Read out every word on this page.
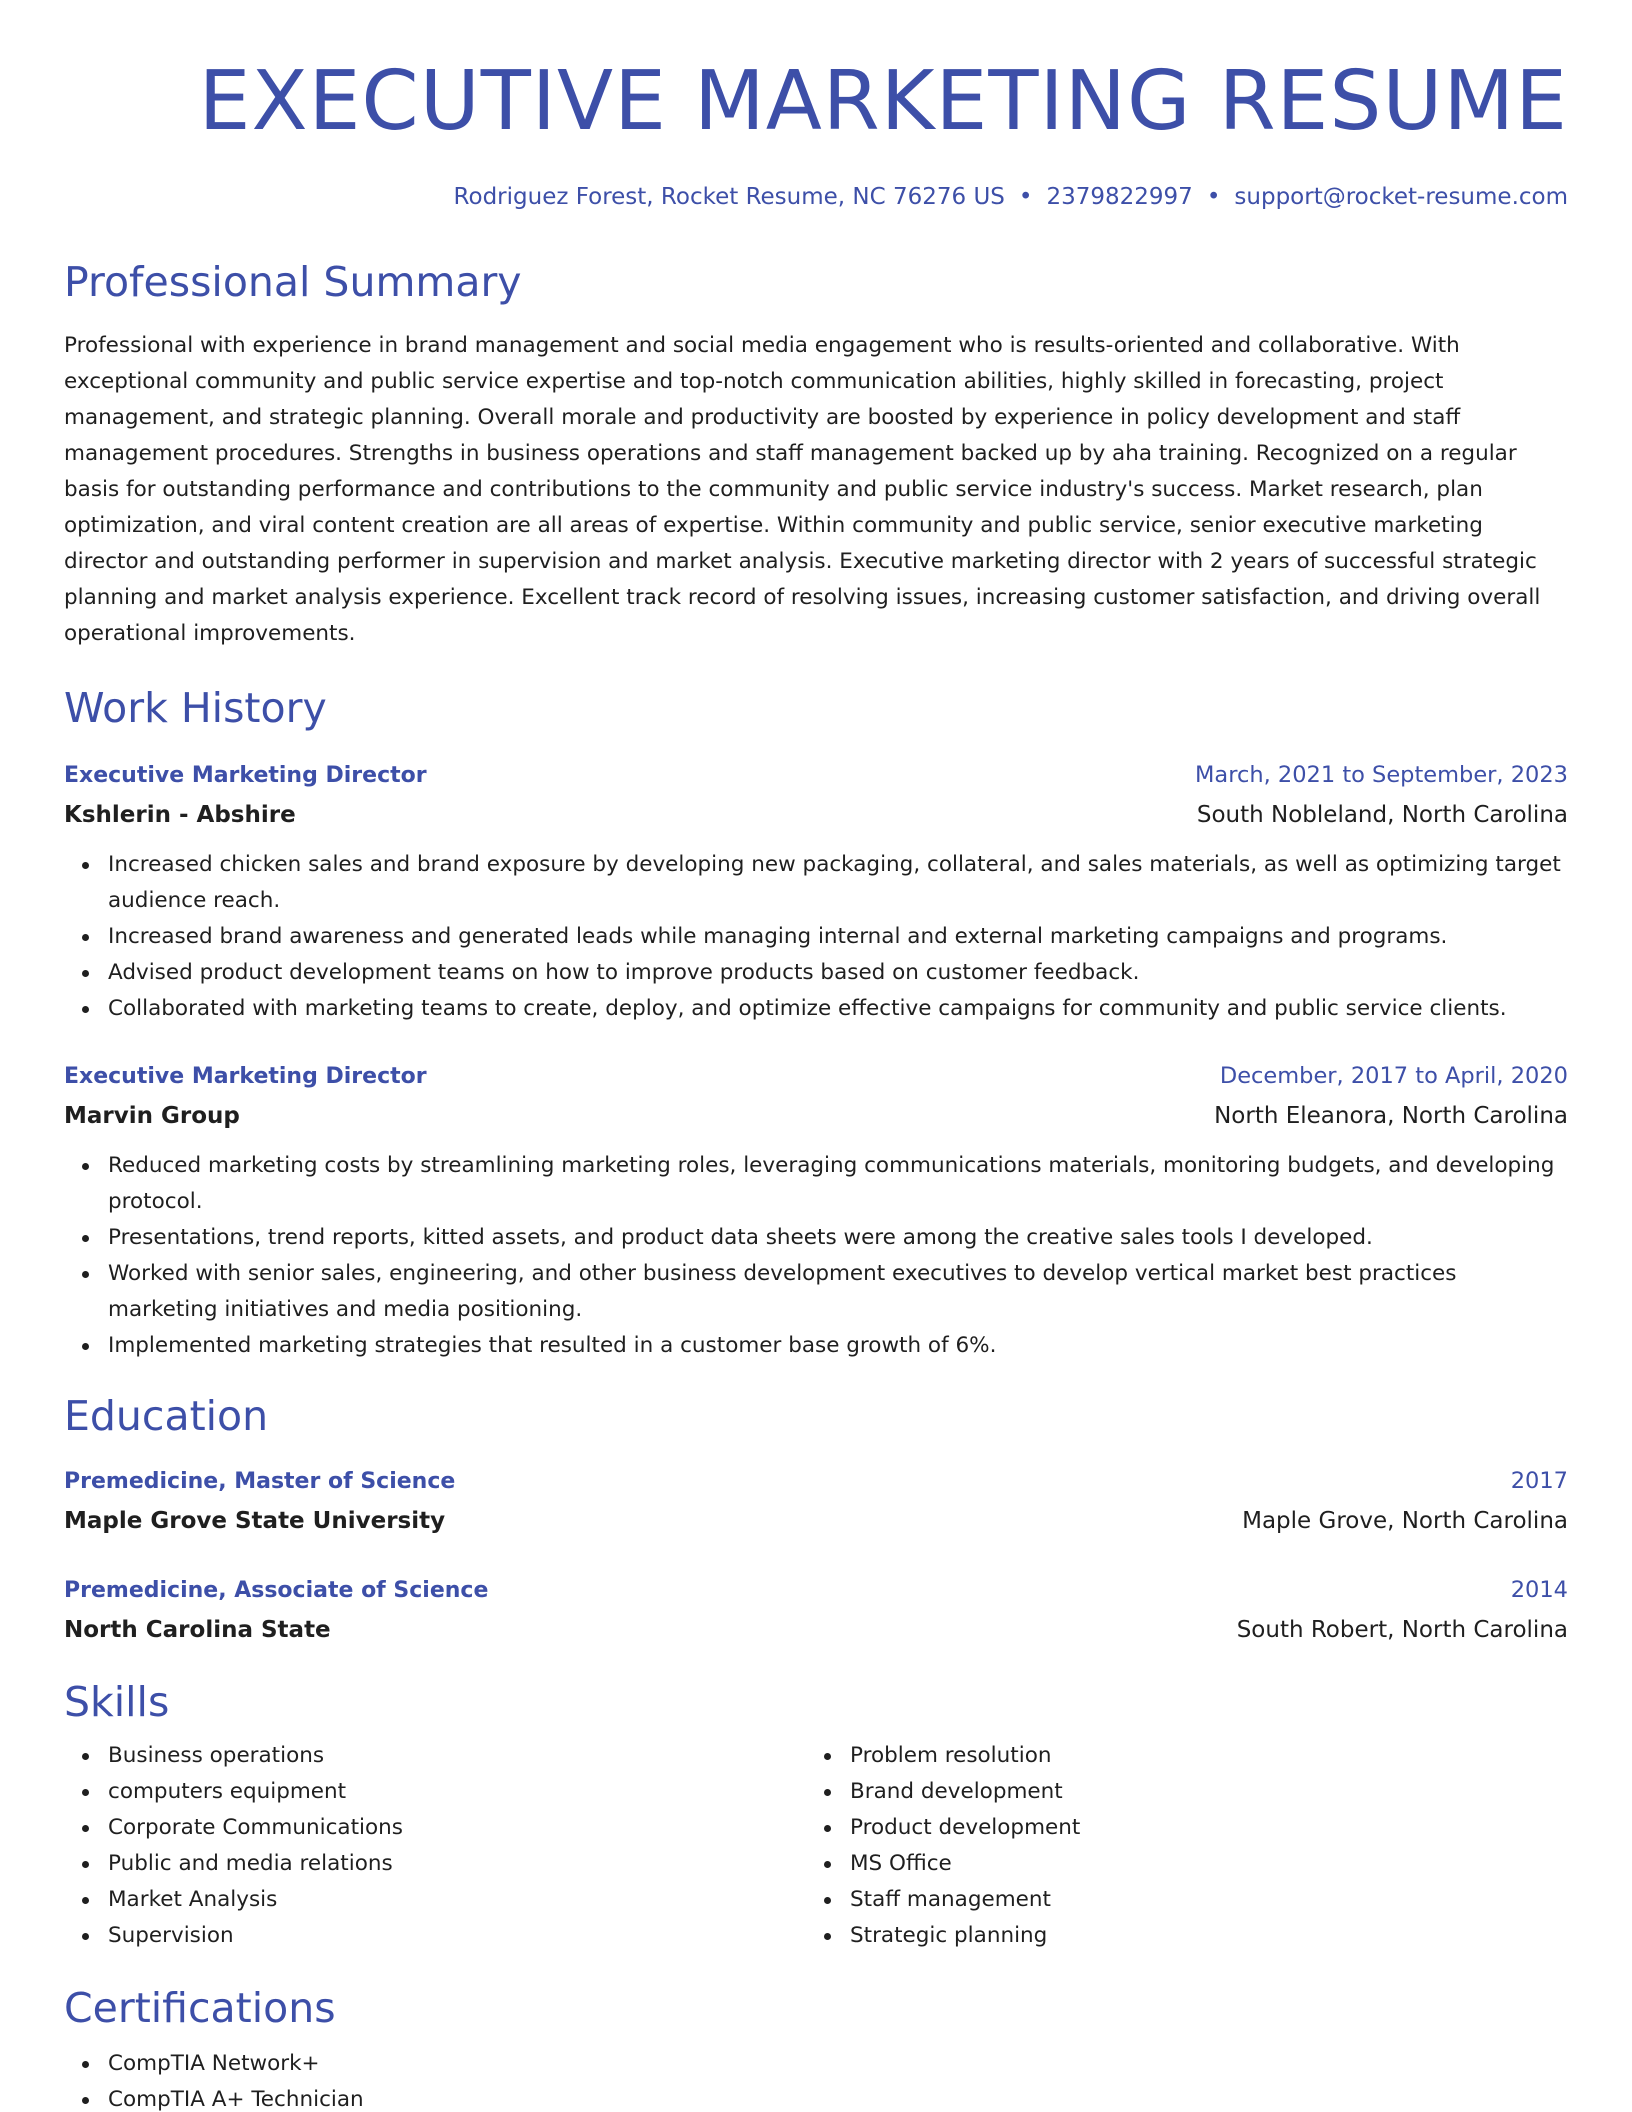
EXECUTIVE MARKETING RESUME
Rodriguez Forest, Rocket Resume, NC 76276 US • 2379822997 • support@rocket-resume.com
Professional Summary

Professional with experience in brand management and social media engagement who is results-oriented and collaborative. With exceptional community and public service expertise and top-notch communication abilities, highly skilled in forecasting, project management, and strategic planning. Overall morale and productivity are boosted by experience in policy development and staff management procedures. Strengths in business operations and staff management backed up by aha training. Recognized on a regular basis for outstanding performance and contributions to the community and public service industry's success. Market research, plan optimization, and viral content creation are all areas of expertise. Within community and public service, senior executive marketing director and outstanding performer in supervision and market analysis. Executive marketing director with 2 years of successful strategic planning and market analysis experience. Excellent track record of resolving issues, increasing customer satisfaction, and driving overall operational improvements.

Work History
Executive Marketing Director	March, 2021 to September, 2023
Kshlerin - Abshire	South Nobleland, North Carolina
Increased chicken sales and brand exposure by developing new packaging, collateral, and sales materials, as well as optimizing target audience reach.
Increased brand awareness and generated leads while managing internal and external marketing campaigns and programs.
Advised product development teams on how to improve products based on customer feedback.
Collaborated with marketing teams to create, deploy, and optimize effective campaigns for community and public service clients.
Executive Marketing Director	December, 2017 to April, 2020
Marvin Group	North Eleanora, North Carolina
Reduced marketing costs by streamlining marketing roles, leveraging communications materials, monitoring budgets, and developing protocol.
Presentations, trend reports, kitted assets, and product data sheets were among the creative sales tools I developed.
Worked with senior sales, engineering, and other business development executives to develop vertical market best practices marketing initiatives and media positioning.
Implemented marketing strategies that resulted in a customer base growth of 6%.
Education
Premedicine, Master of Science	2017
Maple Grove State University	Maple Grove, North Carolina
Premedicine, Associate of Science	2014
North Carolina State	South Robert, North Carolina
Skills
Business operations
computers equipment
Corporate Communications
Public and media relations
Market Analysis
Supervision
Problem resolution
Brand development
Product development
MS Office
Staff management
Strategic planning
Certifications
CompTIA Network+
CompTIA A+ Technician
